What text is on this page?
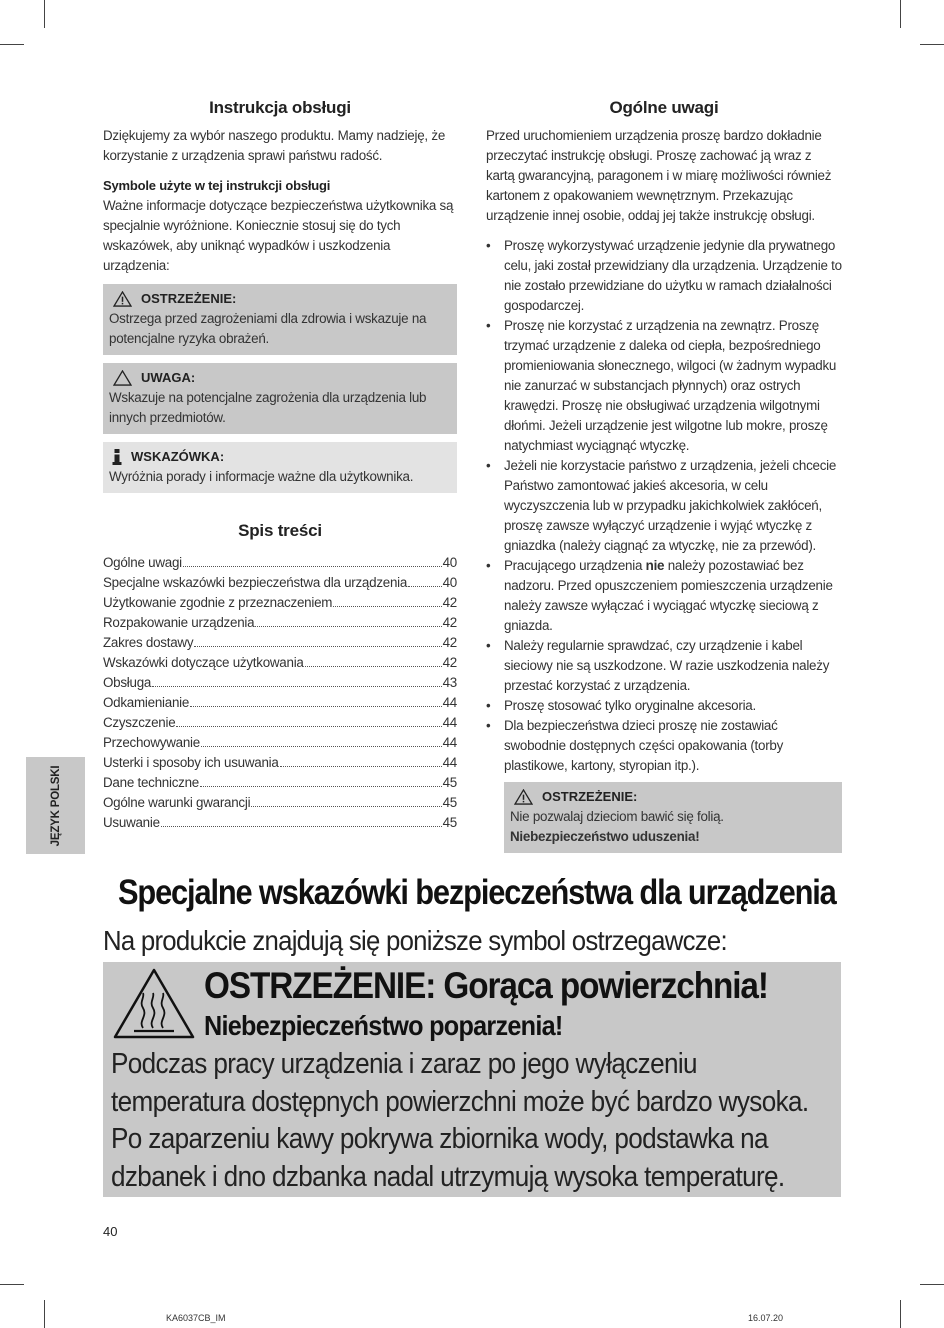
Instrukcja obsługi

Dziękujemy za wybór naszego produktu. Mamy nadzieję, że korzystanie z urządzenia sprawi państwu radość.

Symbole użyte w tej instrukcji obsługi

Ważne informacje dotyczące bezpieczeństwa użytkownika są specjalnie wyróżnione. Koniecznie stosuj się do tych wskazówek, aby uniknąć wypadków i uszkodzenia urządzenia:

OSTRZEŻENIE:
Ostrzega przed zagrożeniami dla zdrowia i wskazuje na potencjalne ryzyka obrażeń.
UWAGA:
Wskazuje na potencjalne zagrożenia dla urządzenia lub innych przedmiotów.
WSKAZÓWKA:
Wyróżnia porady i informacje ważne dla użytkownika.
Spis treści
Ogólne uwagi	40
Specjalne wskazówki bezpieczeństwa dla urządzenia	40
Użytkowanie zgodnie z przeznaczeniem	42
Rozpakowanie urządzenia	42
Zakres dostawy	42
Wskazówki dotyczące użytkowania	42
Obsługa	43
Odkamienianie	44
Czyszczenie	44
Przechowywanie	44
Usterki i sposoby ich usuwania	44
Dane techniczne	45
Ogólne warunki gwarancji	45
Usuwanie	45
Ogólne uwagi

Przed uruchomieniem urządzenia proszę bardzo dokładnie przeczytać instrukcję obsługi. Proszę zachować ją wraz z kartą gwarancyjną, paragonem i w miarę możliwości również kartonem z opakowaniem wewnętrznym. Przekazując urządzenie innej osobie, oddaj jej także instrukcję obsługi.

• Proszę wykorzystywać urządzenie jedynie dla prywatnego celu, jaki został przewidziany dla urządzenia. Urządzenie to nie zostało przewidziane do użytku w ramach działalności gospodarczej.
• Proszę nie korzystać z urządzenia na zewnątrz. Proszę trzymać urządzenie z daleka od ciepła, bezpośredniego promieniowania słonecznego, wilgoci (w żadnym wypadku nie zanurzać w substancjach płynnych) oraz ostrych krawędzi. Proszę nie obsługiwać urządzenia wilgotnymi dłońmi. Jeżeli urządzenie jest wilgotne lub mokre, proszę natychmiast wyciągnąć wtyczkę.
• Jeżeli nie korzystacie państwo z urządzenia, jeżeli chcecie Państwo zamontować jakieś akcesoria, w celu wyczyszczenia lub w przypadku jakichkolwiek zakłóceń, proszę zawsze wyłączyć urządzenie i wyjąć wtyczkę z gniazdka (należy ciągnąć za wtyczkę, nie za przewód).
• Pracującego urządzenia nie należy pozostawiać bez nadzoru. Przed opuszczeniem pomieszczenia urządzenie należy zawsze wyłączać i wyciągać wtyczkę sieciową z gniazda.
• Należy regularnie sprawdzać, czy urządzenie i kabel sieciowy nie są uszkodzone. W razie uszkodzenia należy przestać korzystać z urządzenia.
• Proszę stosować tylko oryginalne akcesoria.
• Dla bezpieczeństwa dzieci proszę nie zostawiać swobodnie dostępnych części opakowania (torby plastikowe, kartony, styropian itp.).
OSTRZEŻENIE:
Nie pozwalaj dzieciom bawić się folią. Niebezpieczeństwo uduszenia!
JĘZYK POLSKI
Specjalne wskazówki bezpieczeństwa dla urządzenia
Na produkcie znajdują się poniższe symbol ostrzegawcze:
OSTRZEŻENIE: Gorąca powierzchnia!
Niebezpieczeństwo poparzenia!
Podczas pracy urządzenia i zaraz po jego wyłączeniu temperatura dostępnych powierzchni może być bardzo wysoka. Po zaparzeniu kawy pokrywa zbiornika wody, podstawka na dzbanek i dno dzbanka nadal utrzymują wysoka temperaturę.
40
KA6037CB_IM	16.07.20
